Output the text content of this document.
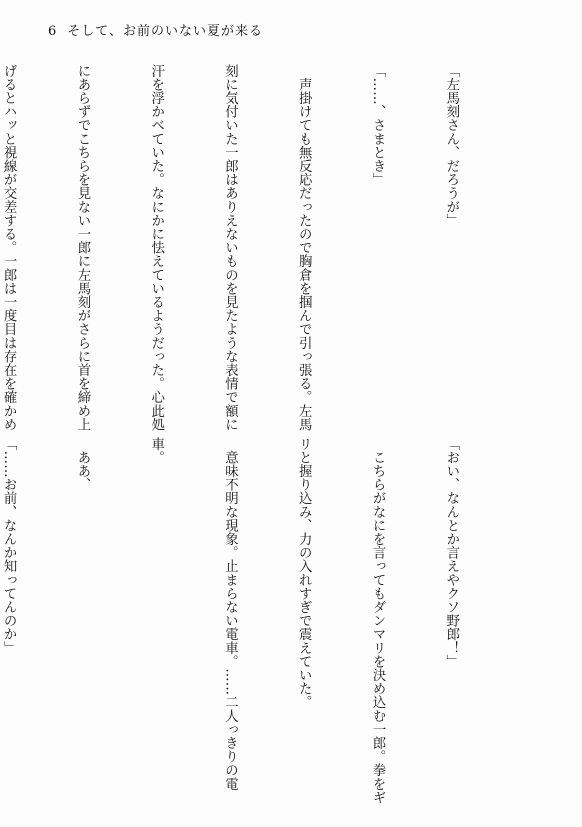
6 そして、お前のいない夏が来る

「左馬刻さん、だろうが」

「……、さまとき」

　声掛けても無反応だったので胸倉を掴んで引っ張る。左馬

刻に気付いた一郎はありえないものを見たような表情で額に

汗を浮かべていた。なにかに怯えているようだった。心此処

にあらずでこちらを見ない一郎に左馬刻がさらに首を締め上

げるとハッと視線が交差する。一郎は一度目は存在を確かめ

「おい、なんとか言えやクソ野郎！」

　こちらがなにを言ってもダンマリを決め込む一郎。拳をギ

リと握り込み、力の入れすぎで震えていた。

　意味不明な現象。止まらない電車。……二人っきりの電

車。

　ああ、

「……お前、なんか知ってんのか」
